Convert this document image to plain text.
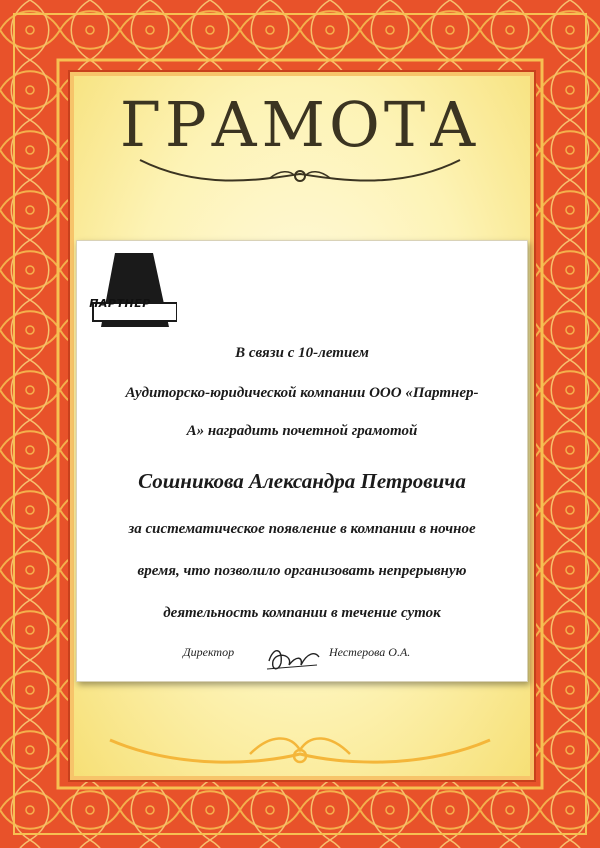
ГРАМОТА
ПАРТНЕР
В связи с 10-летием
Аудиторско-юридической компании ООО «Партнер-
А» наградить почетной грамотой
Сошникова Александра Петровича
за систематическое появление в компании в ночное
время, что позволило организовать непрерывную
деятельность компании в течение суток
Директор	Нестерова О.А.
